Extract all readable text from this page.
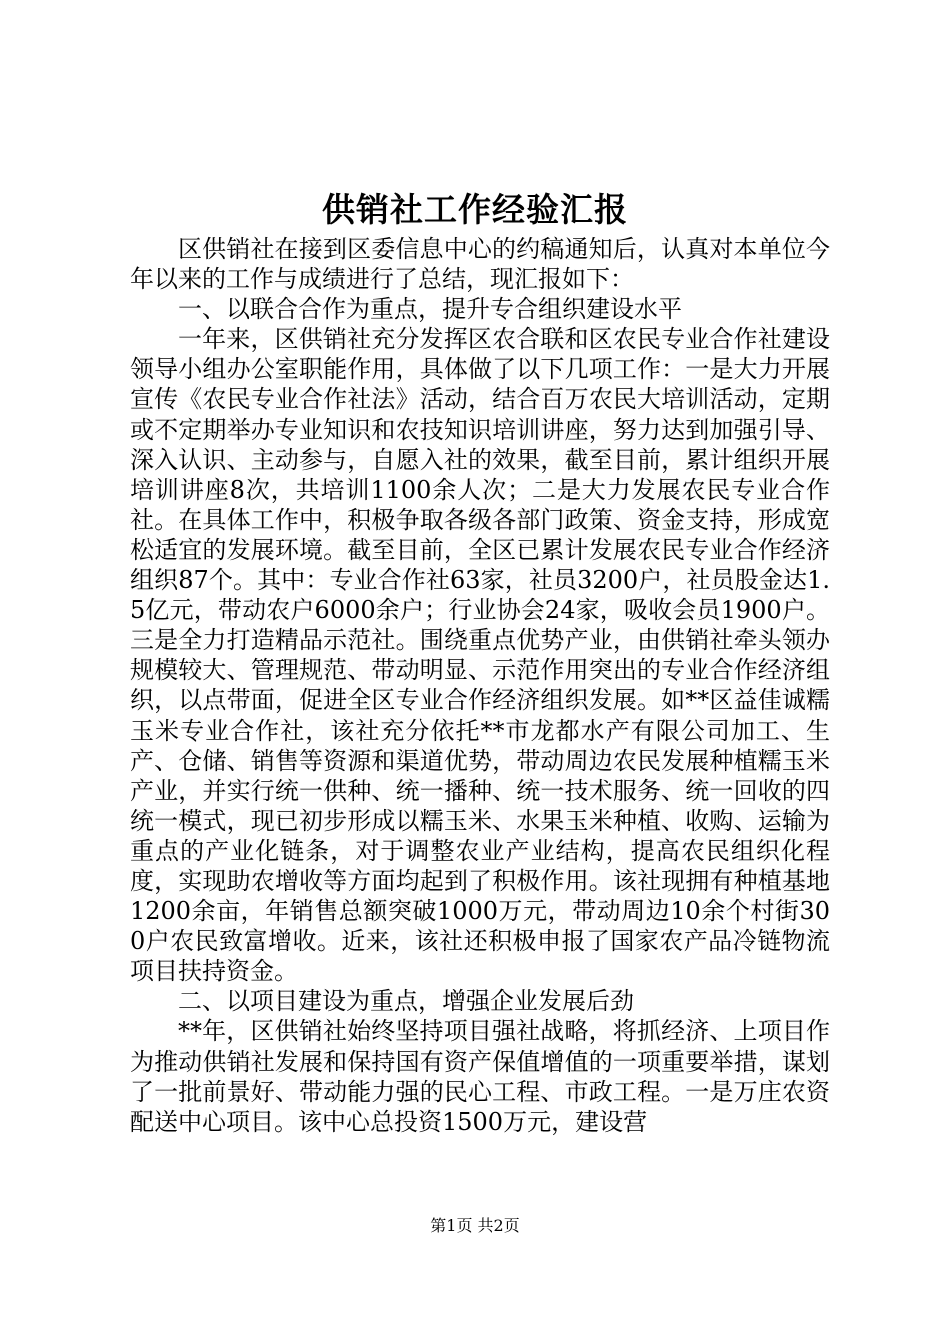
供销社工作经验汇报

区供销社在接到区委信息中心的约稿通知后，认真对本单位今年以来的工作与成绩进行了总结，现汇报如下：

一、以联合合作为重点，提升专合组织建设水平

一年来，区供销社充分发挥区农合联和区农民专业合作社建设领导小组办公室职能作用，具体做了以下几项工作：一是大力开展宣传《农民专业合作社法》活动，结合百万农民大培训活动，定期或不定期举办专业知识和农技知识培训讲座，努力达到加强引导、深入认识、主动参与，自愿入社的效果，截至目前，累计组织开展培训讲座8次，共培训1100余人次；二是大力发展农民专业合作社。在具体工作中，积极争取各级各部门政策、资金支持，形成宽松适宜的发展环境。截至目前，全区已累计发展农民专业合作经济组织87个。其中：专业合作社63家，社员3200户，社员股金达1.5亿元，带动农户6000余户；行业协会24家，吸收会员1900户。三是全力打造精品示范社。围绕重点优势产业，由供销社牵头领办规模较大、管理规范、带动明显、示范作用突出的专业合作经济组织，以点带面，促进全区专业合作经济组织发展。如**区益佳诚糯玉米专业合作社，该社充分依托**市龙都水产有限公司加工、生产、仓储、销售等资源和渠道优势，带动周边农民发展种植糯玉米产业，并实行统一供种、统一播种、统一技术服务、统一回收的四统一模式，现已初步形成以糯玉米、水果玉米种植、收购、运输为重点的产业化链条，对于调整农业产业结构，提高农民组织化程度，实现助农增收等方面均起到了积极作用。该社现拥有种植基地1200余亩，年销售总额突破1000万元，带动周边10余个村街300户农民致富增收。近来，该社还积极申报了国家农产品冷链物流项目扶持资金。

二、以项目建设为重点，增强企业发展后劲

**年，区供销社始终坚持项目强社战略，将抓经济、上项目作为推动供销社发展和保持国有资产保值增值的一项重要举措，谋划了一批前景好、带动能力强的民心工程、市政工程。一是万庄农资配送中心项目。该中心总投资1500万元，建设营

第1页 共2页
